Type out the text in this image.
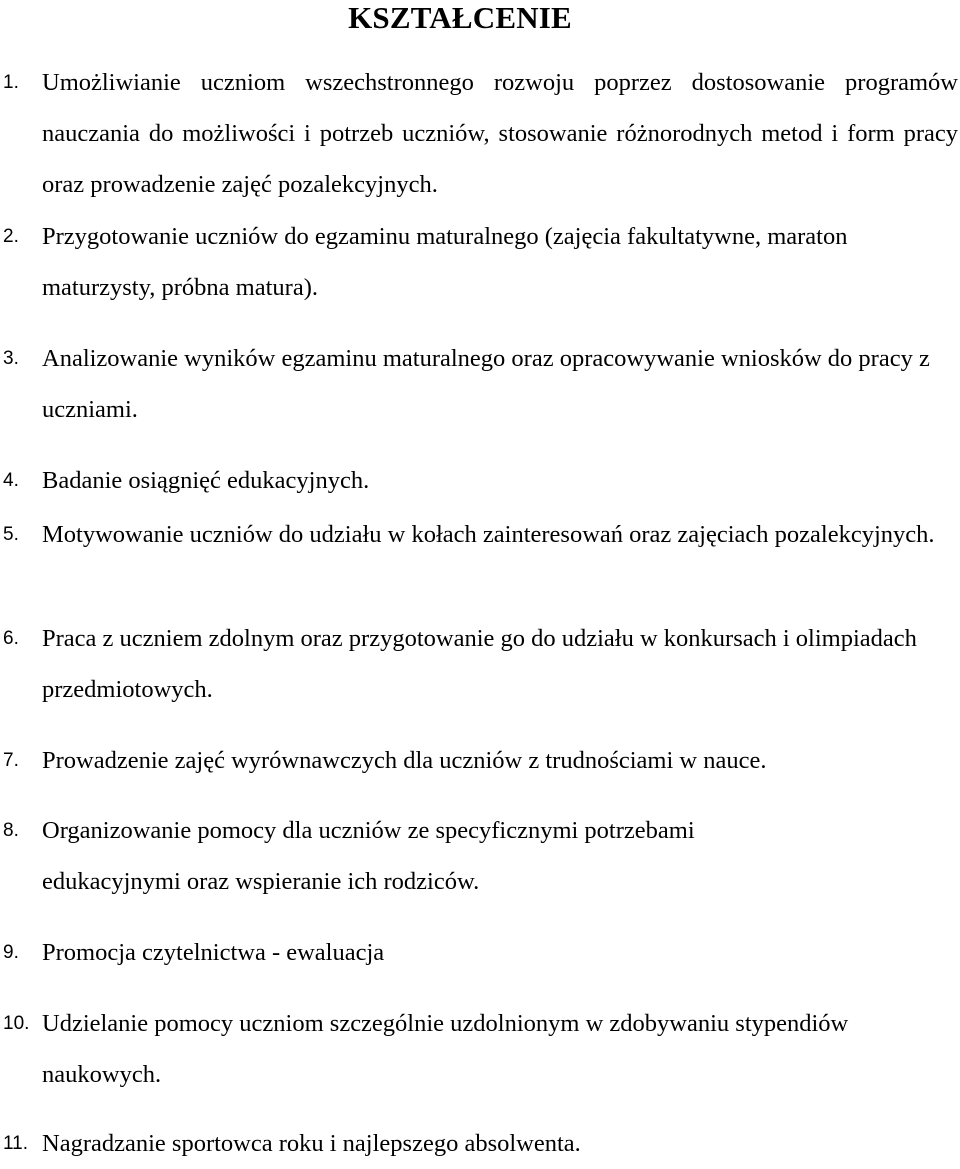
KSZTAŁCENIE
1. Umożliwianie uczniom wszechstronnego rozwoju poprzez dostosowanie programów nauczania do możliwości i potrzeb uczniów, stosowanie różnorodnych metod i form pracy oraz prowadzenie zajęć pozalekcyjnych.
2. Przygotowanie uczniów do egzaminu maturalnego (zajęcia fakultatywne, maraton maturzysty, próbna matura).
3. Analizowanie wyników egzaminu maturalnego oraz opracowywanie wniosków do pracy z uczniami.
4. Badanie osiągnięć edukacyjnych.
5. Motywowanie uczniów do udziału w kołach zainteresowań oraz zajęciach pozalekcyjnych.
6. Praca z uczniem zdolnym oraz przygotowanie go do udziału w konkursach i olimpiadach przedmiotowych.
7. Prowadzenie zajęć wyrównawczych dla uczniów z trudnościami w nauce.
8. Organizowanie pomocy dla uczniów ze specyficznymi potrzebami edukacyjnymi oraz wspieranie ich rodziców.
9. Promocja czytelnictwa - ewaluacja
10. Udzielanie pomocy uczniom szczególnie uzdolnionym w zdobywaniu stypendiów naukowych.
11. Nagradzanie sportowca roku i najlepszego absolwenta.
